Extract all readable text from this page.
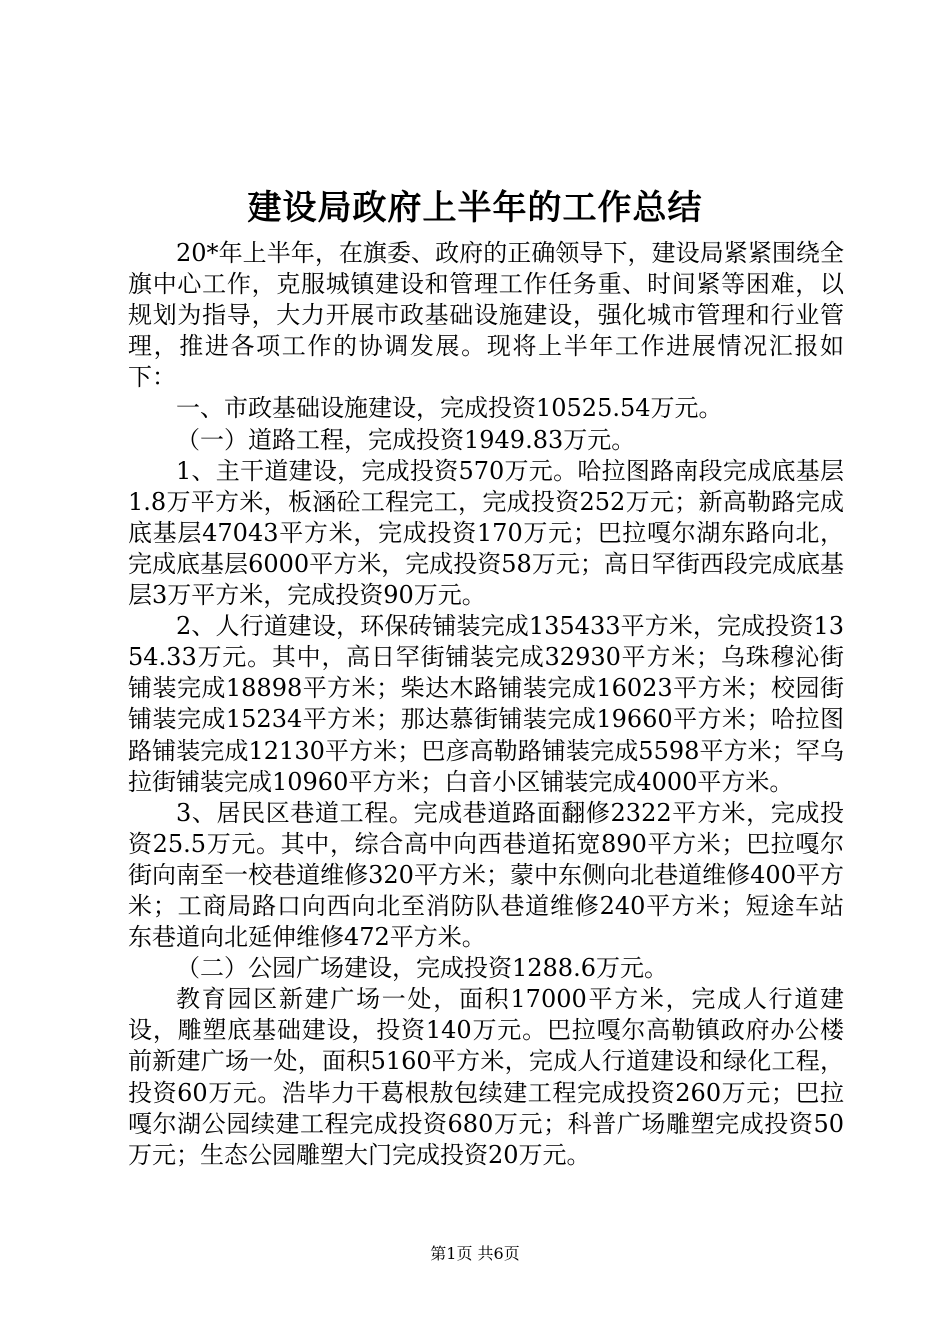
建设局政府上半年的工作总结

20*年上半年，在旗委、政府的正确领导下，建设局紧紧围绕全旗中心工作，克服城镇建设和管理工作任务重、时间紧等困难，以规划为指导，大力开展市政基础设施建设，强化城市管理和行业管理，推进各项工作的协调发展。现将上半年工作进展情况汇报如下：

一、市政基础设施建设，完成投资10525.54万元。

（一）道路工程，完成投资1949.83万元。

1、主干道建设，完成投资570万元。哈拉图路南段完成底基层1.8万平方米，板涵砼工程完工，完成投资252万元；新高勒路完成底基层47043平方米，完成投资170万元；巴拉嘎尔湖东路向北，完成底基层6000平方米，完成投资58万元；高日罕街西段完成底基层3万平方米，完成投资90万元。

2、人行道建设，环保砖铺装完成135433平方米，完成投资1354.33万元。其中，高日罕街铺装完成32930平方米；乌珠穆沁街铺装完成18898平方米；柴达木路铺装完成16023平方米；校园街铺装完成15234平方米；那达慕街铺装完成19660平方米；哈拉图路铺装完成12130平方米；巴彦高勒路铺装完成5598平方米；罕乌拉街铺装完成10960平方米；白音小区铺装完成4000平方米。

3、居民区巷道工程。完成巷道路面翻修2322平方米，完成投资25.5万元。其中，综合高中向西巷道拓宽890平方米；巴拉嘎尔街向南至一校巷道维修320平方米；蒙中东侧向北巷道维修400平方米；工商局路口向西向北至消防队巷道维修240平方米；短途车站东巷道向北延伸维修472平方米。

（二）公园广场建设，完成投资1288.6万元。

教育园区新建广场一处，面积17000平方米，完成人行道建设，雕塑底基础建设，投资140万元。巴拉嘎尔高勒镇政府办公楼前新建广场一处，面积5160平方米，完成人行道建设和绿化工程，投资60万元。浩毕力干葛根敖包续建工程完成投资260万元；巴拉嘎尔湖公园续建工程完成投资680万元；科普广场雕塑完成投资50万元；生态公园雕塑大门完成投资20万元。

第1页 共6页
